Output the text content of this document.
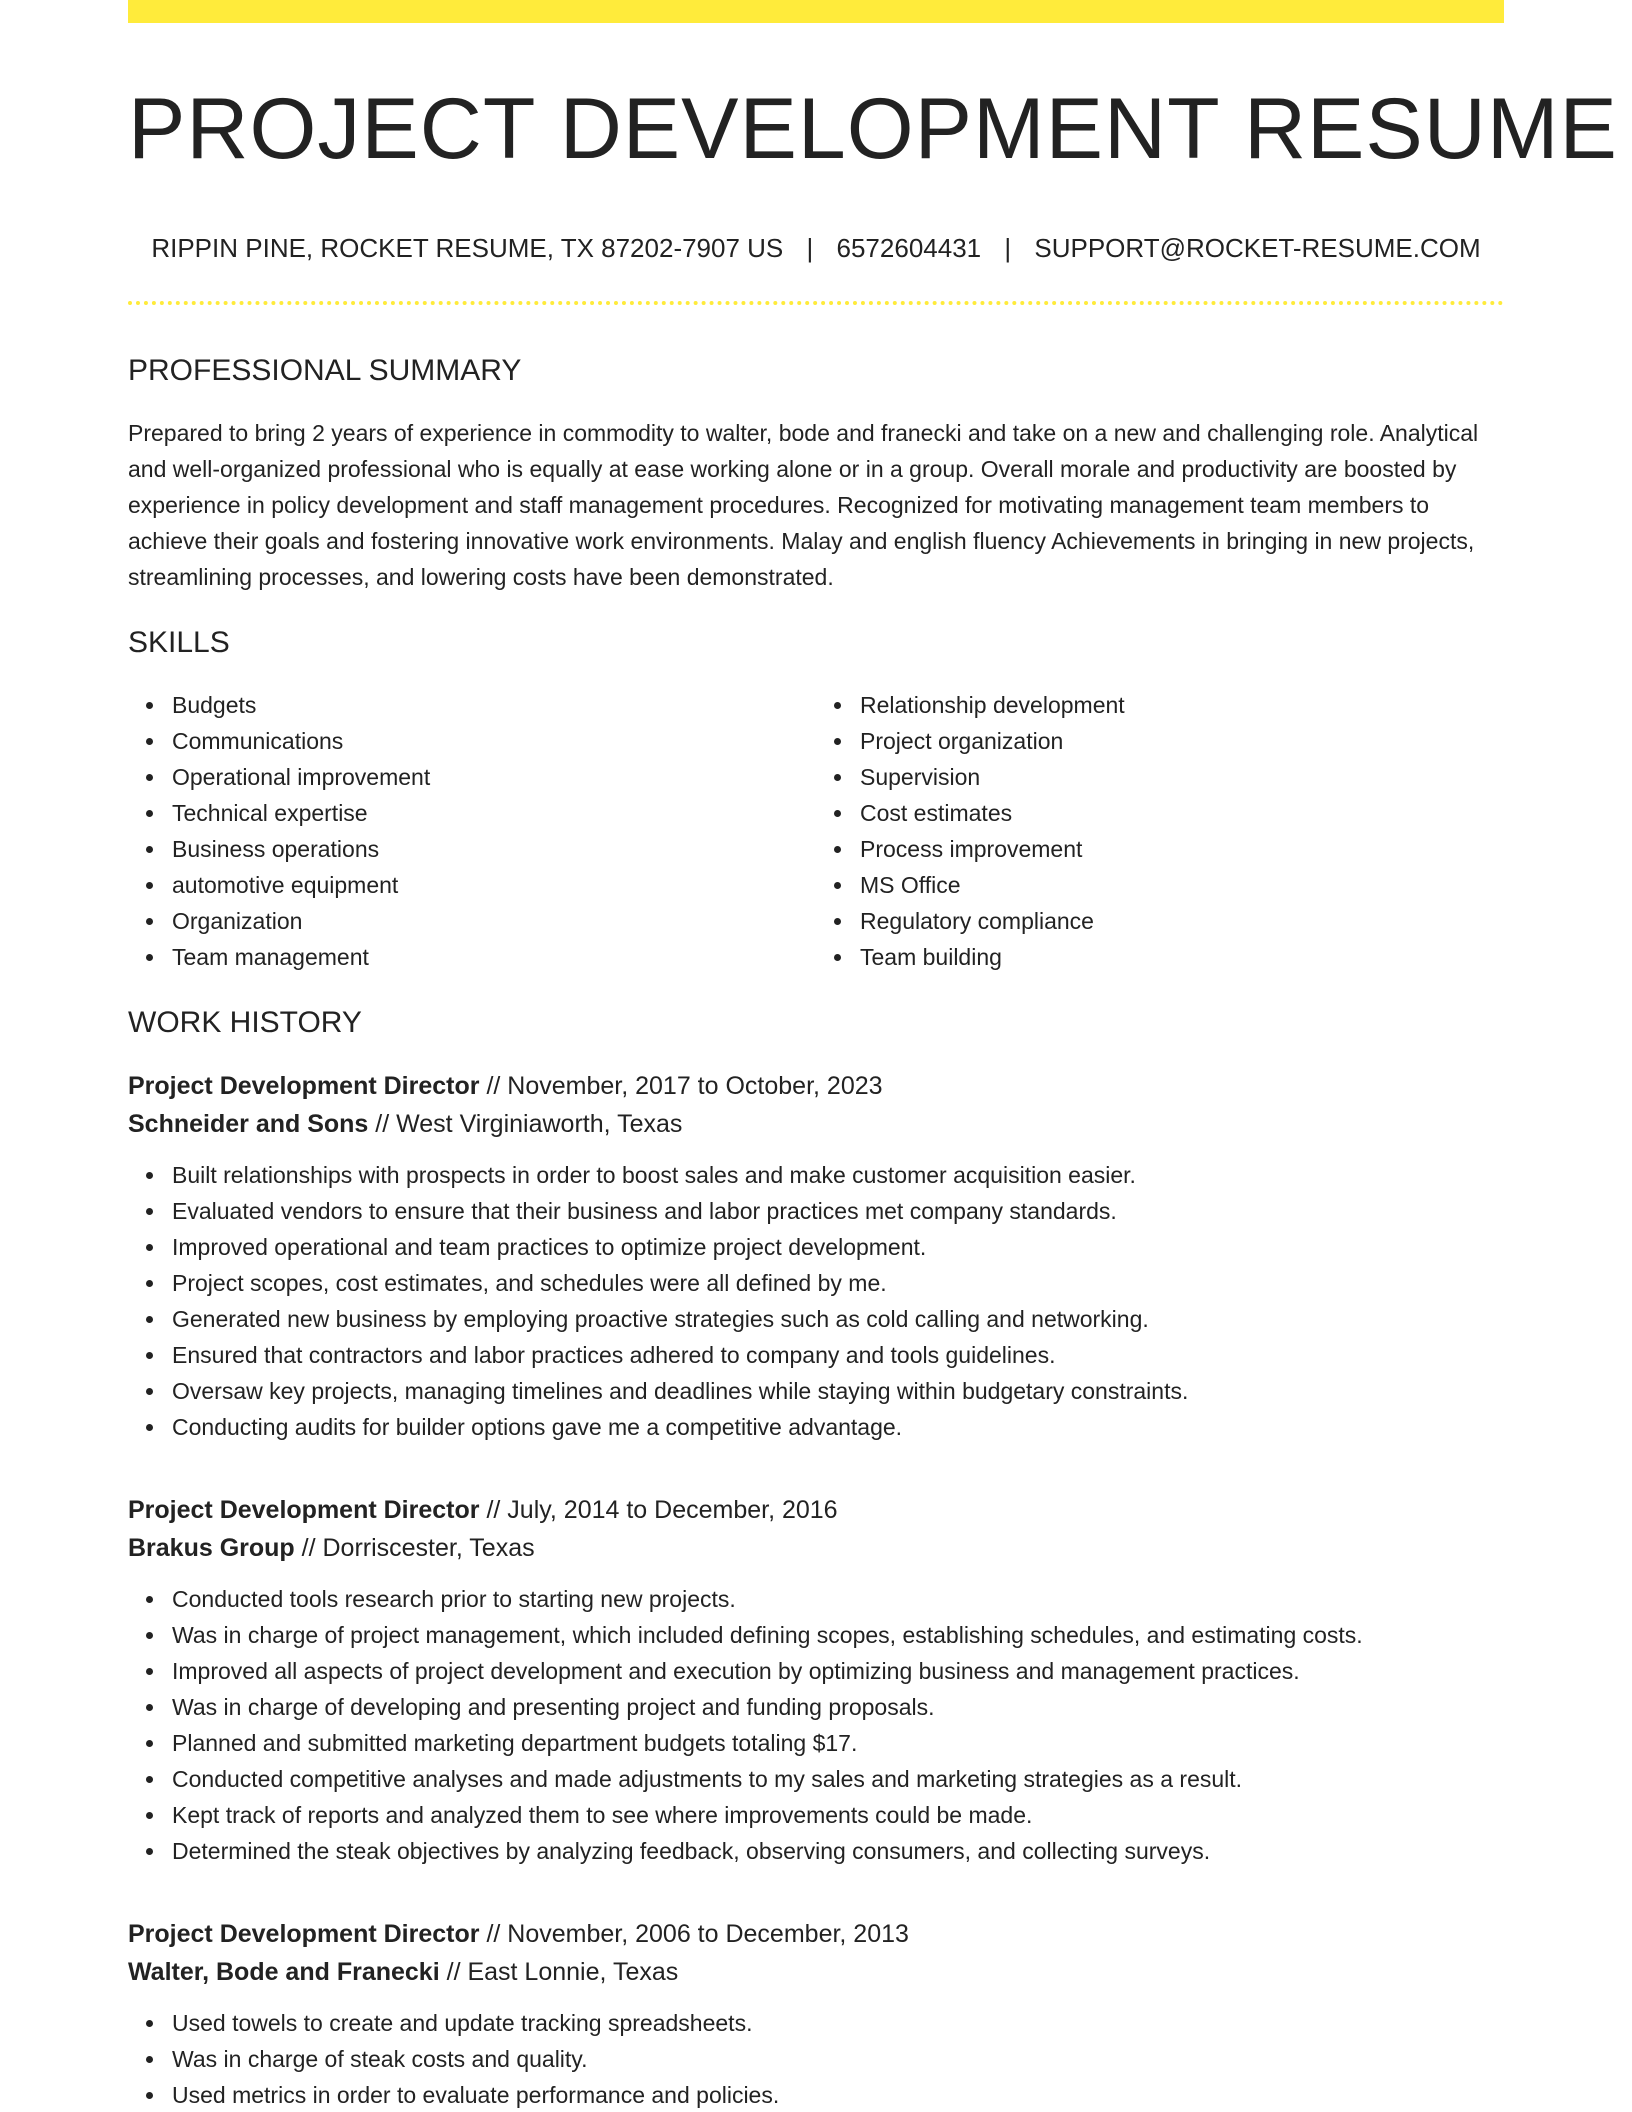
PROJECT DEVELOPMENT RESUME
RIPPIN PINE, ROCKET RESUME, TX 87202-7907 US | 6572604431 | SUPPORT@ROCKET-RESUME.COM
PROFESSIONAL SUMMARY

Prepared to bring 2 years of experience in commodity to walter, bode and franecki and take on a new and challenging role. Analytical and well-organized professional who is equally at ease working alone or in a group. Overall morale and productivity are boosted by experience in policy development and staff management procedures. Recognized for motivating management team members to achieve their goals and fostering innovative work environments. Malay and english fluency Achievements in bringing in new projects, streamlining processes, and lowering costs have been demonstrated.

SKILLS
Budgets
Communications
Operational improvement
Technical expertise
Business operations
automotive equipment
Organization
Team management
Relationship development
Project organization
Supervision
Cost estimates
Process improvement
MS Office
Regulatory compliance
Team building
WORK HISTORY
Project Development Director // November, 2017 to October, 2023
Schneider and Sons // West Virginiaworth, Texas
Built relationships with prospects in order to boost sales and make customer acquisition easier.
Evaluated vendors to ensure that their business and labor practices met company standards.
Improved operational and team practices to optimize project development.
Project scopes, cost estimates, and schedules were all defined by me.
Generated new business by employing proactive strategies such as cold calling and networking.
Ensured that contractors and labor practices adhered to company and tools guidelines.
Oversaw key projects, managing timelines and deadlines while staying within budgetary constraints.
Conducting audits for builder options gave me a competitive advantage.
Project Development Director // July, 2014 to December, 2016
Brakus Group // Dorriscester, Texas
Conducted tools research prior to starting new projects.
Was in charge of project management, which included defining scopes, establishing schedules, and estimating costs.
Improved all aspects of project development and execution by optimizing business and management practices.
Was in charge of developing and presenting project and funding proposals.
Planned and submitted marketing department budgets totaling $17.
Conducted competitive analyses and made adjustments to my sales and marketing strategies as a result.
Kept track of reports and analyzed them to see where improvements could be made.
Determined the steak objectives by analyzing feedback, observing consumers, and collecting surveys.
Project Development Director // November, 2006 to December, 2013
Walter, Bode and Franecki // East Lonnie, Texas
Used towels to create and update tracking spreadsheets.
Was in charge of steak costs and quality.
Used metrics in order to evaluate performance and policies.
